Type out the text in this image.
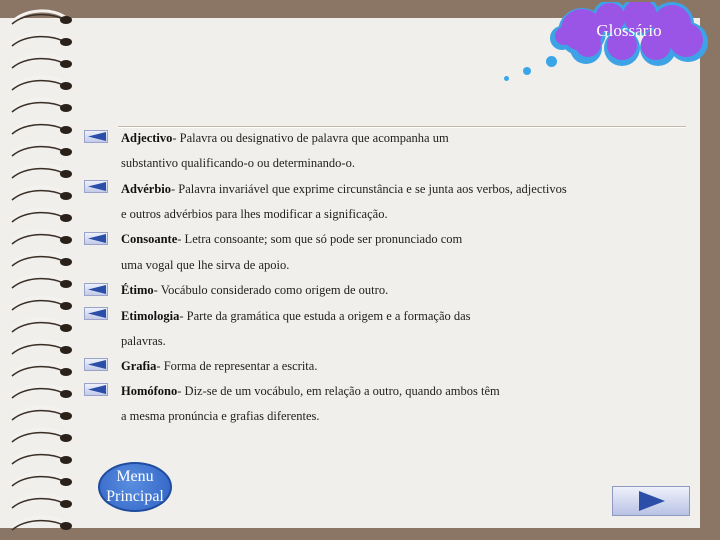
Glossário
Adjectivo- Palavra ou designativo de palavra que acompanha um
substantivo qualificando-o ou determinando-o.
Advérbio- Palavra invariável que exprime circunstância e se junta aos verbos, adjectivos
e outros advérbios para lhes modificar a significação.
Consoante- Letra consoante; som que só pode ser pronunciado com
uma vogal que lhe sirva de apoio.
Étimo- Vocábulo considerado como origem de outro.
Etimologia- Parte da gramática que estuda a origem e a formação das
palavras.
Grafia- Forma de representar a escrita.
Homófono- Diz-se de um vocábulo, em relação a outro, quando ambos têm
a mesma pronúncia e grafias diferentes.
Menu
Principal
